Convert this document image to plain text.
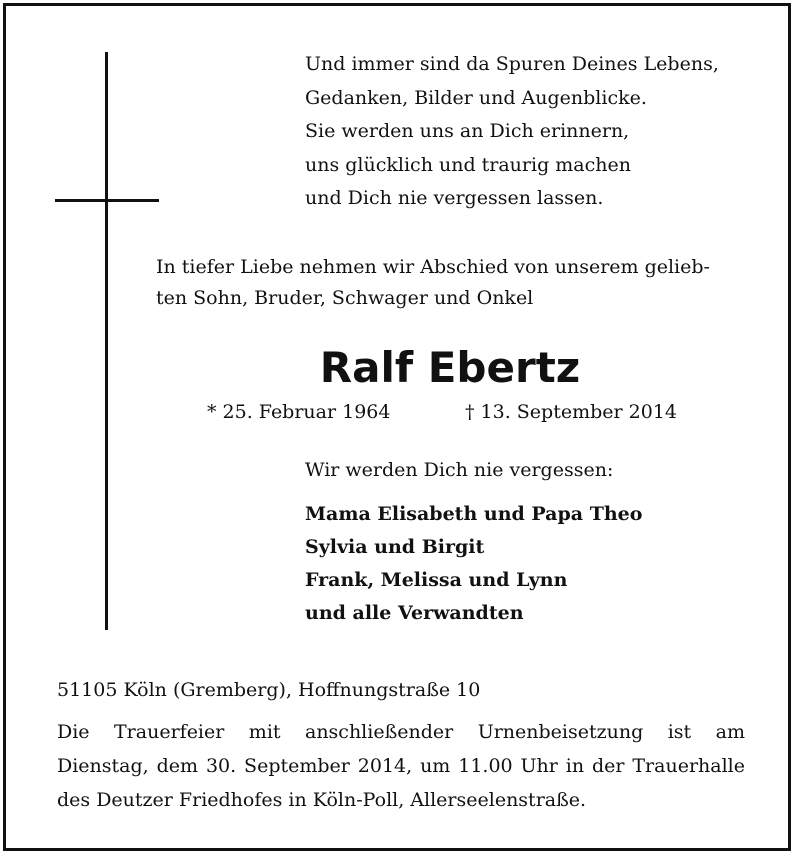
Und immer sind da Spuren Deines Lebens,
Gedanken, Bilder und Augenblicke.
Sie werden uns an Dich erinnern,
uns glücklich und traurig machen
und Dich nie vergessen lassen.
In tiefer Liebe nehmen wir Abschied von unserem gelieb-
ten Sohn, Bruder, Schwager und Onkel
Ralf Ebertz
* 25. Februar 1964	† 13. September 2014
Wir werden Dich nie vergessen:
Mama Elisabeth und Papa Theo
Sylvia und Birgit
Frank, Melissa und Lynn
und alle Verwandten
51105 Köln (Gremberg), Hoffnungstraße 10
Die Trauerfeier mit anschließender Urnenbeisetzung ist am
Dienstag, dem 30. September 2014, um 11.00 Uhr in der Trauerhalle
des Deutzer Friedhofes in Köln-Poll, Allerseelenstraße.
